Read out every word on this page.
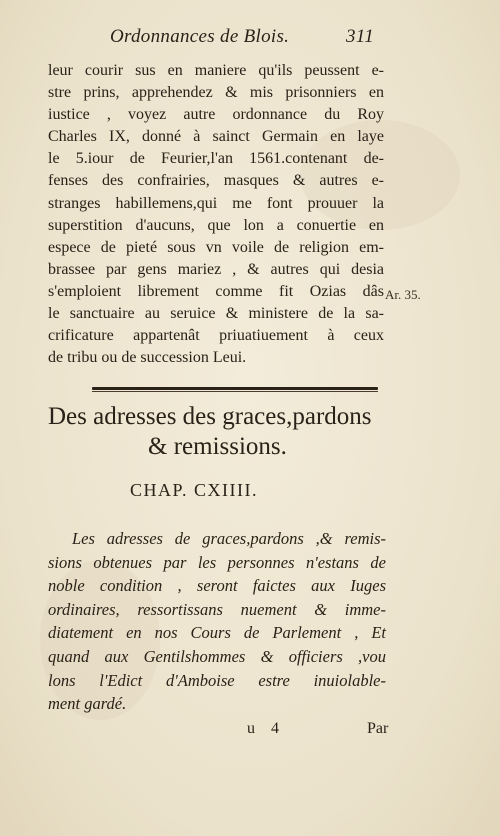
Ordonnances de Blois.	311
leur courir sus en maniere qu'ils peussent e-
stre prins, apprehendez & mis prisonniers en
iustice , voyez autre ordonnance du Roy
Charles IX, donné à sainct Germain en laye
le 5.iour de Feurier,l'an 1561.contenant de-
fenses des confrairies, masques & autres e-
stranges habillemens,qui me font prouuer la
superstition d'aucuns, que lon a conuertie en
espece de pieté sous vn voile de religion em-
brassee par gens mariez , & autres qui desia
s'emploient librement comme fit Ozias dâs
le sanctuaire au seruice & ministere de la sa-
crificature appartenât priuatiuement à ceux
de tribu ou de succession Leui.
Ar. 35.
Des adresses des graces,pardons
& remissions.
CHAP. CXIIII.
Les adresses de graces,pardons ,& remis-
sions obtenues par les personnes n'estans de
noble condition , seront faictes aux Iuges
ordinaires, ressortissans nuement & imme-
diatement en nos Cours de Parlement , Et
quand aux Gentilshommes & officiers ,vou
lons l'Edict d'Amboise estre inuiolable-
ment gardé.
u 4	Par
